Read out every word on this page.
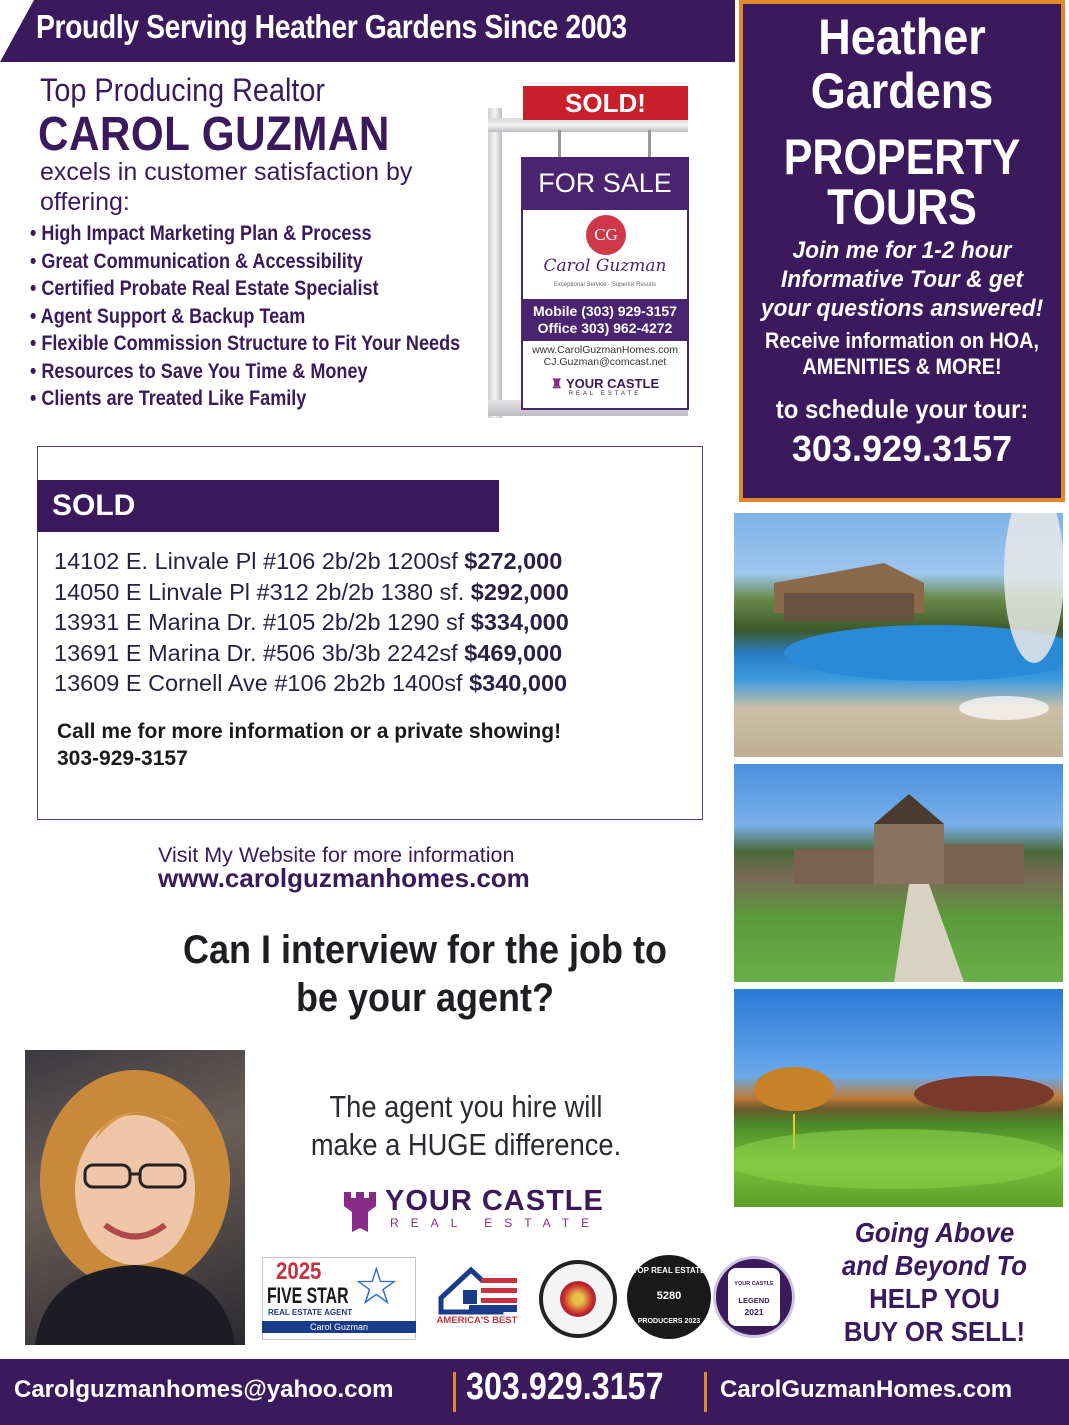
Proudly Serving Heather Gardens Since 2003
Top Producing Realtor
CAROL GUZMAN
excels in customer satisfaction by offering:
• High Impact Marketing Plan & Process
• Great Communication & Accessibility
• Certified Probate Real Estate Specialist
• Agent Support & Backup Team
• Flexible Commission Structure to Fit Your Needs
• Resources to Save You Time & Money
• Clients are Treated Like Family
SOLD!
FOR SALE
CG
Carol Guzman
Exceptional Service · Superior Results
Mobile (303) 929-3157
Office 303) 962-4272
www.CarolGuzmanHomes.com
CJ.Guzman@comcast.net
♜ YOUR CASTLE
REAL ESTATE
Heather
Gardens
PROPERTY
TOURS
Join me for 1-2 hour Informative Tour & get your questions answered!
Receive information on HOA, AMENITIES & MORE!
to schedule your tour:
303.929.3157
SOLD
14102 E. Linvale Pl #106 2b/2b 1200sf $272,000
14050 E Linvale Pl #312 2b/2b 1380 sf. $292,000
13931 E Marina Dr. #105 2b/2b 1290 sf $334,000
13691 E Marina Dr. #506 3b/3b 2242sf $469,000
13609 E Cornell Ave #106 2b2b 1400sf $340,000
Call me for more information or a private showing!
303-929-3157
Visit My Website for more information
www.carolguzmanhomes.com
Can I interview for the job to be your agent?
The agent you hire will make a HUGE difference.
YOUR CASTLE
REAL ESTATE
2025
FIVE STAR
REAL ESTATE AGENT
Carol Guzman
☆
AMERICA'S BEST
TOP REAL ESTATE
5280
PRODUCERS 2023
YOUR CASTLE
LEGEND
2021
Going Above
and Beyond To
HELP YOU
BUY OR SELL!
Carolguzmanhomes@yahoo.com 303.929.3157 CarolGuzmanHomes.com
